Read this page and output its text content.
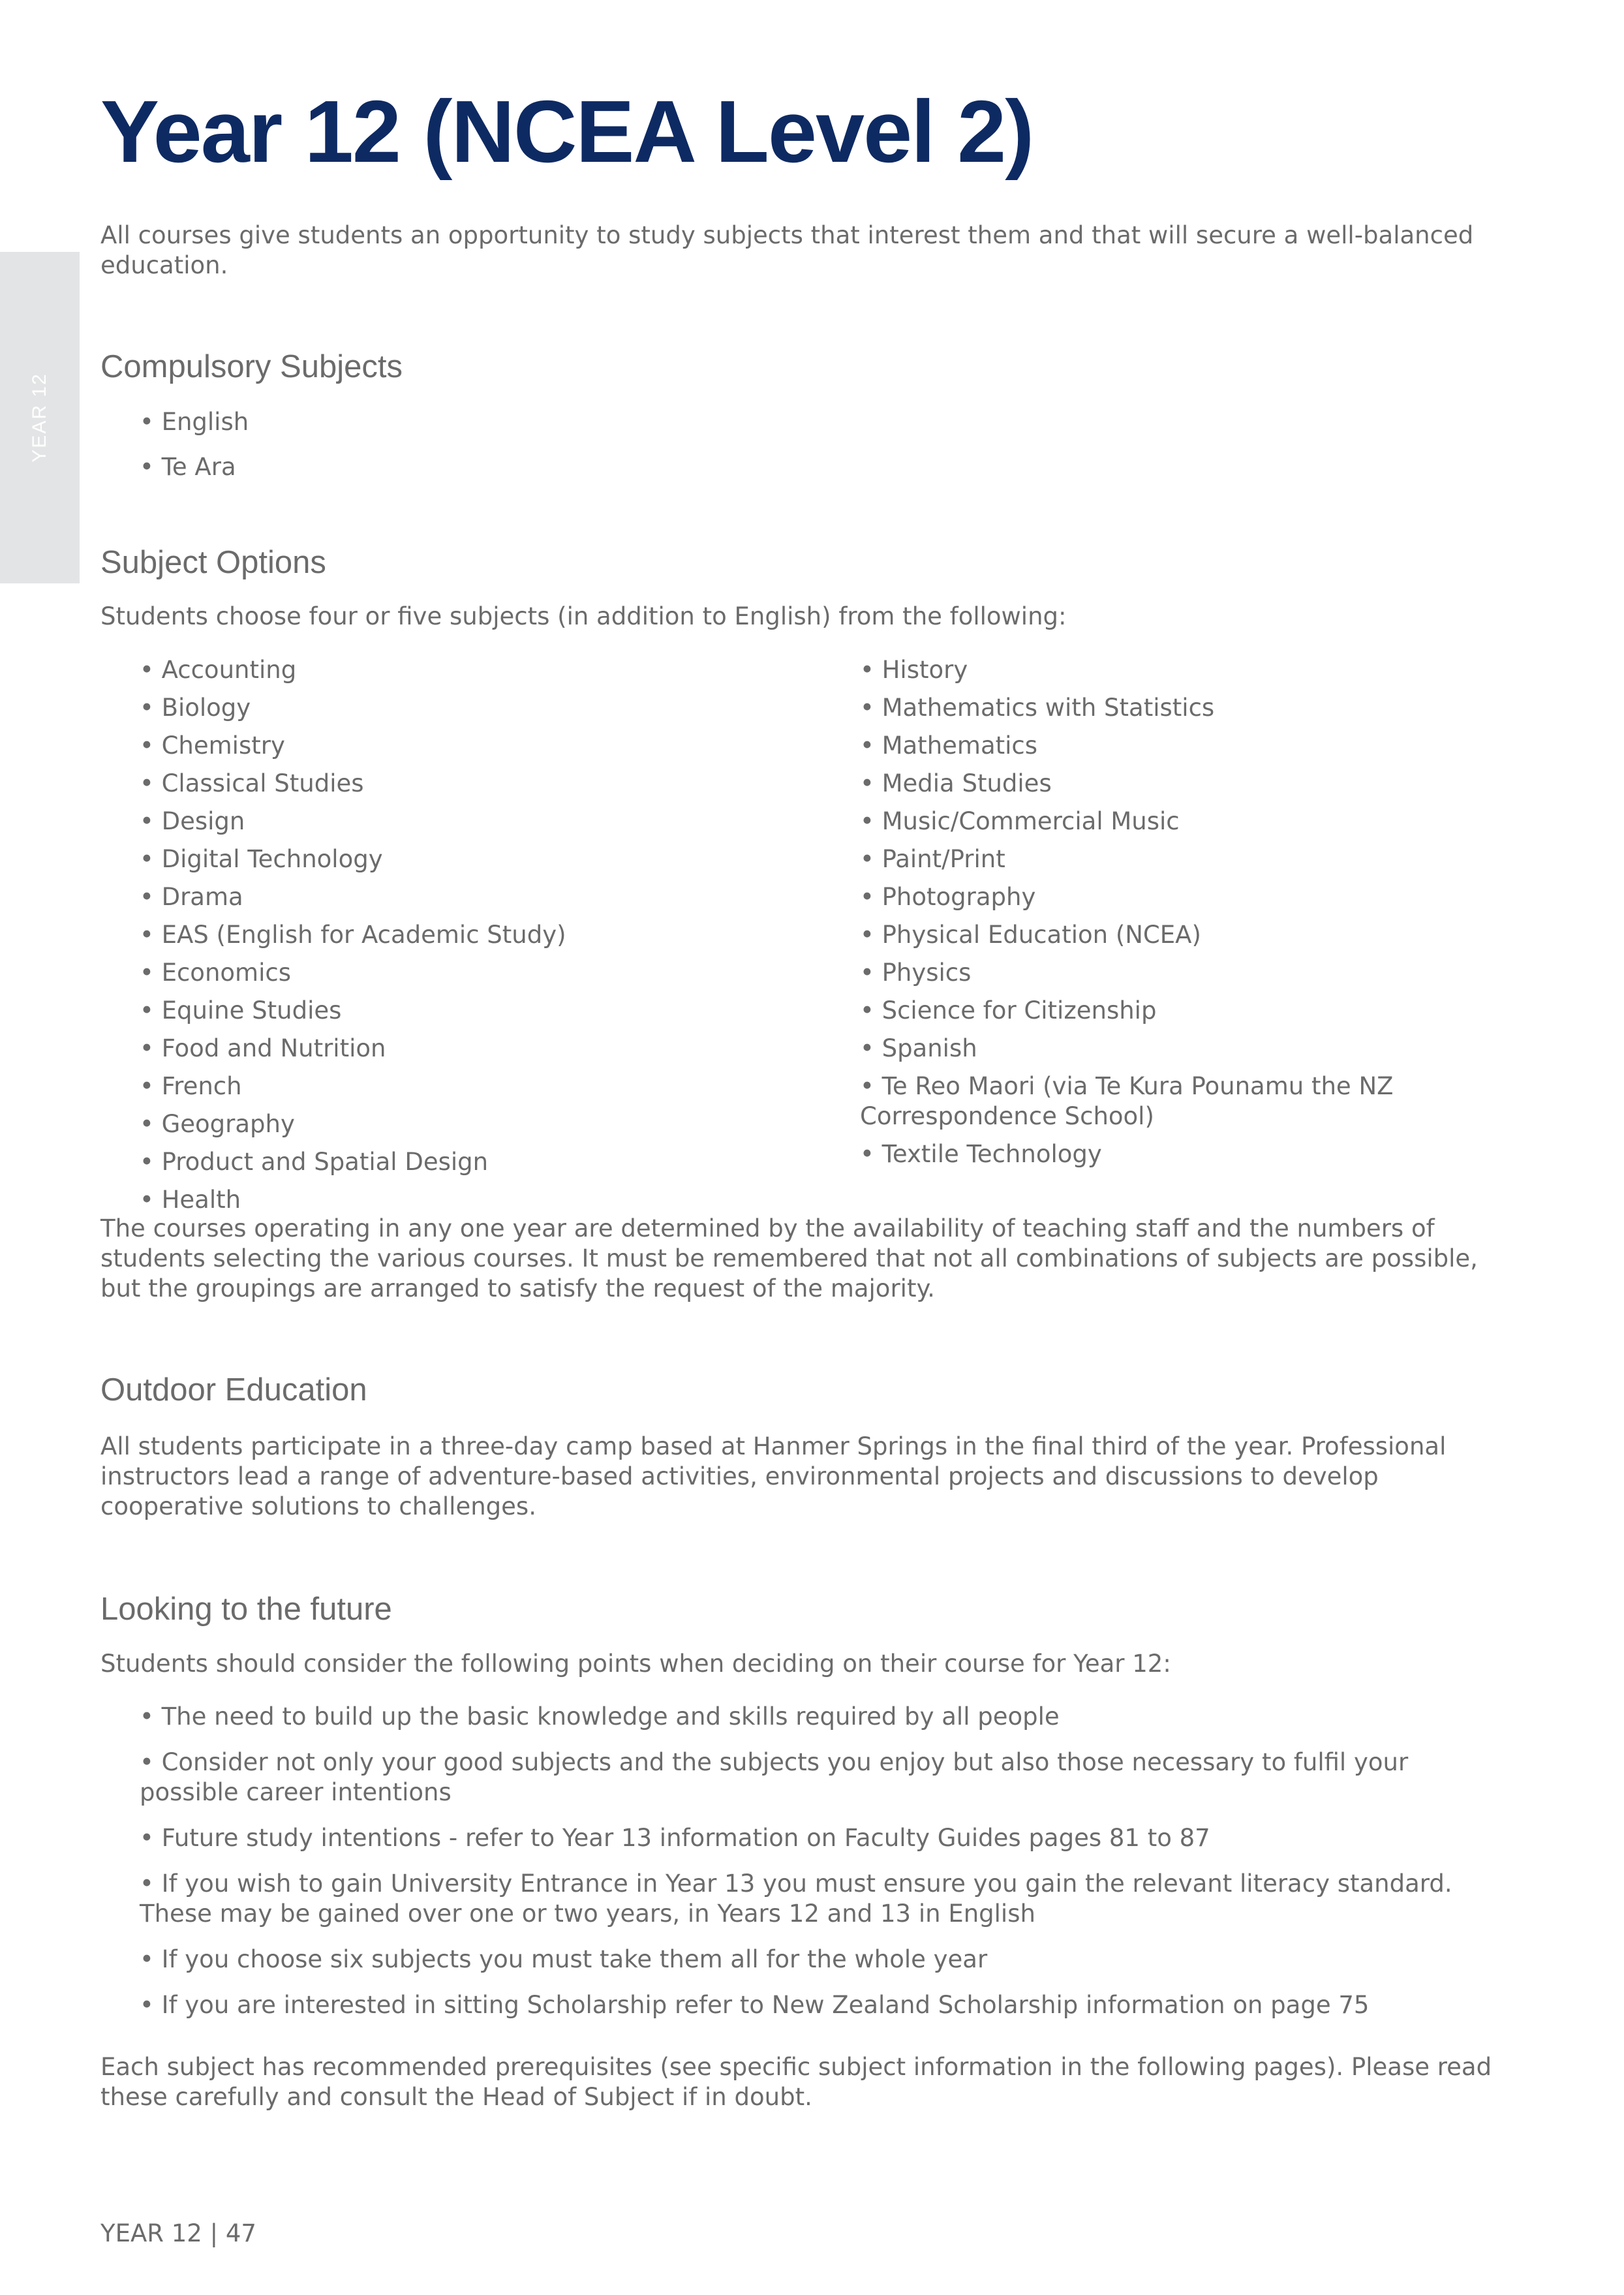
YEAR 12
Year 12 (NCEA Level 2)

All courses give students an opportunity to study subjects that interest them and that will secure a well-balanced education.

Compulsory Subjects
• English
• Te Ara
Subject Options

Students choose four or five subjects (in addition to English) from the following:

• Accounting
• Biology
• Chemistry
• Classical Studies
• Design
• Digital Technology
• Drama
• EAS (English for Academic Study)
• Economics
• Equine Studies
• Food and Nutrition
• French
• Geography
• Product and Spatial Design
• Health
• History
• Mathematics with Statistics
• Mathematics
• Media Studies
• Music/Commercial Music
• Paint/Print
• Photography
• Physical Education (NCEA)
• Physics
• Science for Citizenship
• Spanish
• Te Reo Maori (via Te Kura Pounamu the NZ Correspondence School)
• Textile Technology

The courses operating in any one year are determined by the availability of teaching staff and the numbers of students selecting the various courses. It must be remembered that not all combinations of subjects are possible, but the groupings are arranged to satisfy the request of the majority.

Outdoor Education

All students participate in a three-day camp based at Hanmer Springs in the final third of the year. Professional instructors lead a range of adventure-based activities, environmental projects and discussions to develop cooperative solutions to challenges.

Looking to the future

Students should consider the following points when deciding on their course for Year 12:

• The need to build up the basic knowledge and skills required by all people
• Consider not only your good subjects and the subjects you enjoy but also those necessary to fulfil your possible career intentions
• Future study intentions - refer to Year 13 information on Faculty Guides pages 81 to 87
• If you wish to gain University Entrance in Year 13 you must ensure you gain the relevant literacy standard. These may be gained over one or two years, in Years 12 and 13 in English
• If you choose six subjects you must take them all for the whole year
• If you are interested in sitting Scholarship refer to New Zealand Scholarship information on page 75

Each subject has recommended prerequisites (see specific subject information in the following pages). Please read these carefully and consult the Head of Subject if in doubt.

YEAR 12 | 47
